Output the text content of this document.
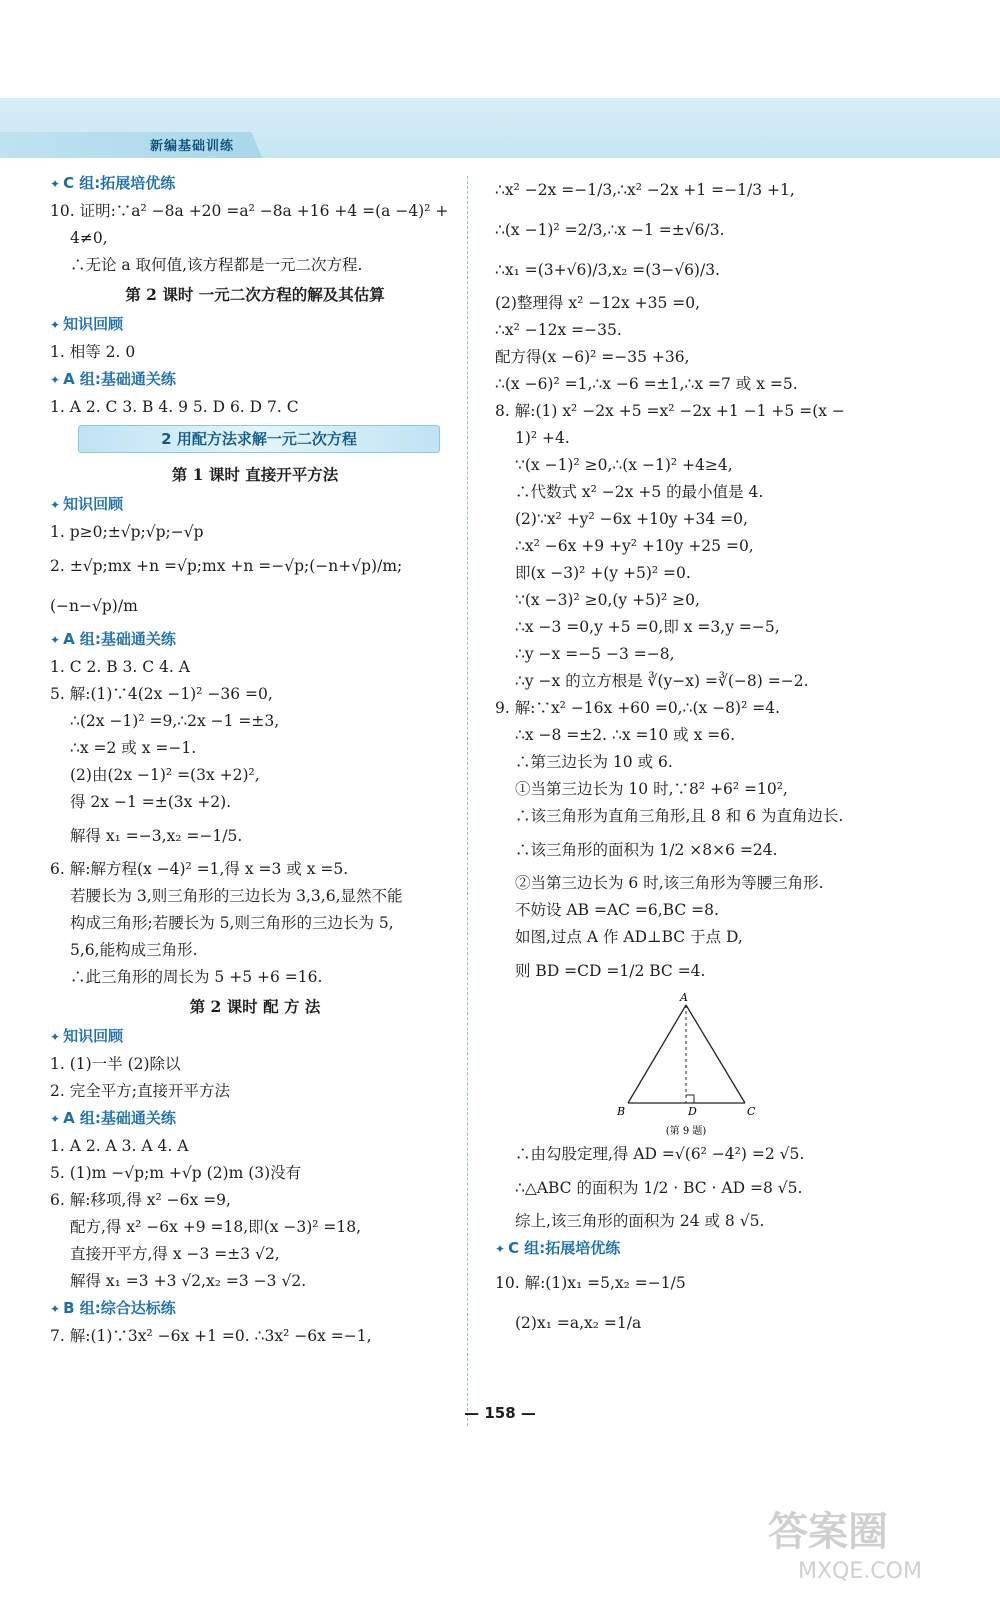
新编基础训练
✦ C 组:拓展培优练
10. 证明:∵a² −8a +20 =a² −8a +16 +4 =(a −4)² +
4≠0,
∴无论 a 取何值,该方程都是一元二次方程.
第 2 课时 一元二次方程的解及其估算
✦ 知识回顾
1. 相等 2. 0
✦ A 组:基础通关练
1. A 2. C 3. B 4. 9 5. D 6. D 7. C
2 用配方法求解一元二次方程
第 1 课时 直接开平方法
✦ 知识回顾
1. p≥0;±√p;√p;−√p
2. ±√p;mx +n =√p;mx +n =−√p;(−n+√p)/m;
(−n−√p)/m
✦ A 组:基础通关练
1. C 2. B 3. C 4. A
5. 解:(1)∵4(2x −1)² −36 =0,
∴(2x −1)² =9,∴2x −1 =±3,
∴x =2 或 x =−1.
(2)由(2x −1)² =(3x +2)²,
得 2x −1 =±(3x +2).
解得 x₁ =−3,x₂ =−1/5.
6. 解:解方程(x −4)² =1,得 x =3 或 x =5.
若腰长为 3,则三角形的三边长为 3,3,6,显然不能
构成三角形;若腰长为 5,则三角形的三边长为 5,
5,6,能构成三角形.
∴此三角形的周长为 5 +5 +6 =16.
第 2 课时 配 方 法
✦ 知识回顾
1. (1)一半 (2)除以
2. 完全平方;直接开平方法
✦ A 组:基础通关练
1. A 2. A 3. A 4. A
5. (1)m −√p;m +√p (2)m (3)没有
6. 解:移项,得 x² −6x =9,
配方,得 x² −6x +9 =18,即(x −3)² =18,
直接开平方,得 x −3 =±3 √2,
解得 x₁ =3 +3 √2,x₂ =3 −3 √2.
✦ B 组:综合达标练
7. 解:(1)∵3x² −6x +1 =0. ∴3x² −6x =−1,
∴x² −2x =−1/3,∴x² −2x +1 =−1/3 +1,
∴(x −1)² =2/3,∴x −1 =±√6/3.
∴x₁ =(3+√6)/3,x₂ =(3−√6)/3.
(2)整理得 x² −12x +35 =0,
∴x² −12x =−35.
配方得(x −6)² =−35 +36,
∴(x −6)² =1,∴x −6 =±1,∴x =7 或 x =5.
8. 解:(1) x² −2x +5 =x² −2x +1 −1 +5 =(x −
1)² +4.
∵(x −1)² ≥0,∴(x −1)² +4≥4,
∴代数式 x² −2x +5 的最小值是 4.
(2)∵x² +y² −6x +10y +34 =0,
∴x² −6x +9 +y² +10y +25 =0,
即(x −3)² +(y +5)² =0.
∵(x −3)² ≥0,(y +5)² ≥0,
∴x −3 =0,y +5 =0,即 x =3,y =−5,
∴y −x =−5 −3 =−8,
∴y −x 的立方根是 ∛(y−x) =∛(−8) =−2.
9. 解:∵x² −16x +60 =0,∴(x −8)² =4.
∴x −8 =±2. ∴x =10 或 x =6.
∴第三边长为 10 或 6.
①当第三边长为 10 时,∵8² +6² =10²,
∴该三角形为直角三角形,且 8 和 6 为直角边长.
∴该三角形的面积为 1/2 ×8×6 =24.
②当第三边长为 6 时,该三角形为等腰三角形.
不妨设 AB =AC =6,BC =8.
如图,过点 A 作 AD⊥BC 于点 D,
则 BD =CD =1/2 BC =4.
A
B	C
D
(第 9 题)
∴由勾股定理,得 AD =√(6² −4²) =2 √5.
∴△ABC 的面积为 1/2 · BC · AD =8 √5.
综上,该三角形的面积为 24 或 8 √5.
✦ C 组:拓展培优练
10. 解:(1)x₁ =5,x₂ =−1/5
(2)x₁ =a,x₂ =1/a
— 158 —
答案圈
MXQE.COM
